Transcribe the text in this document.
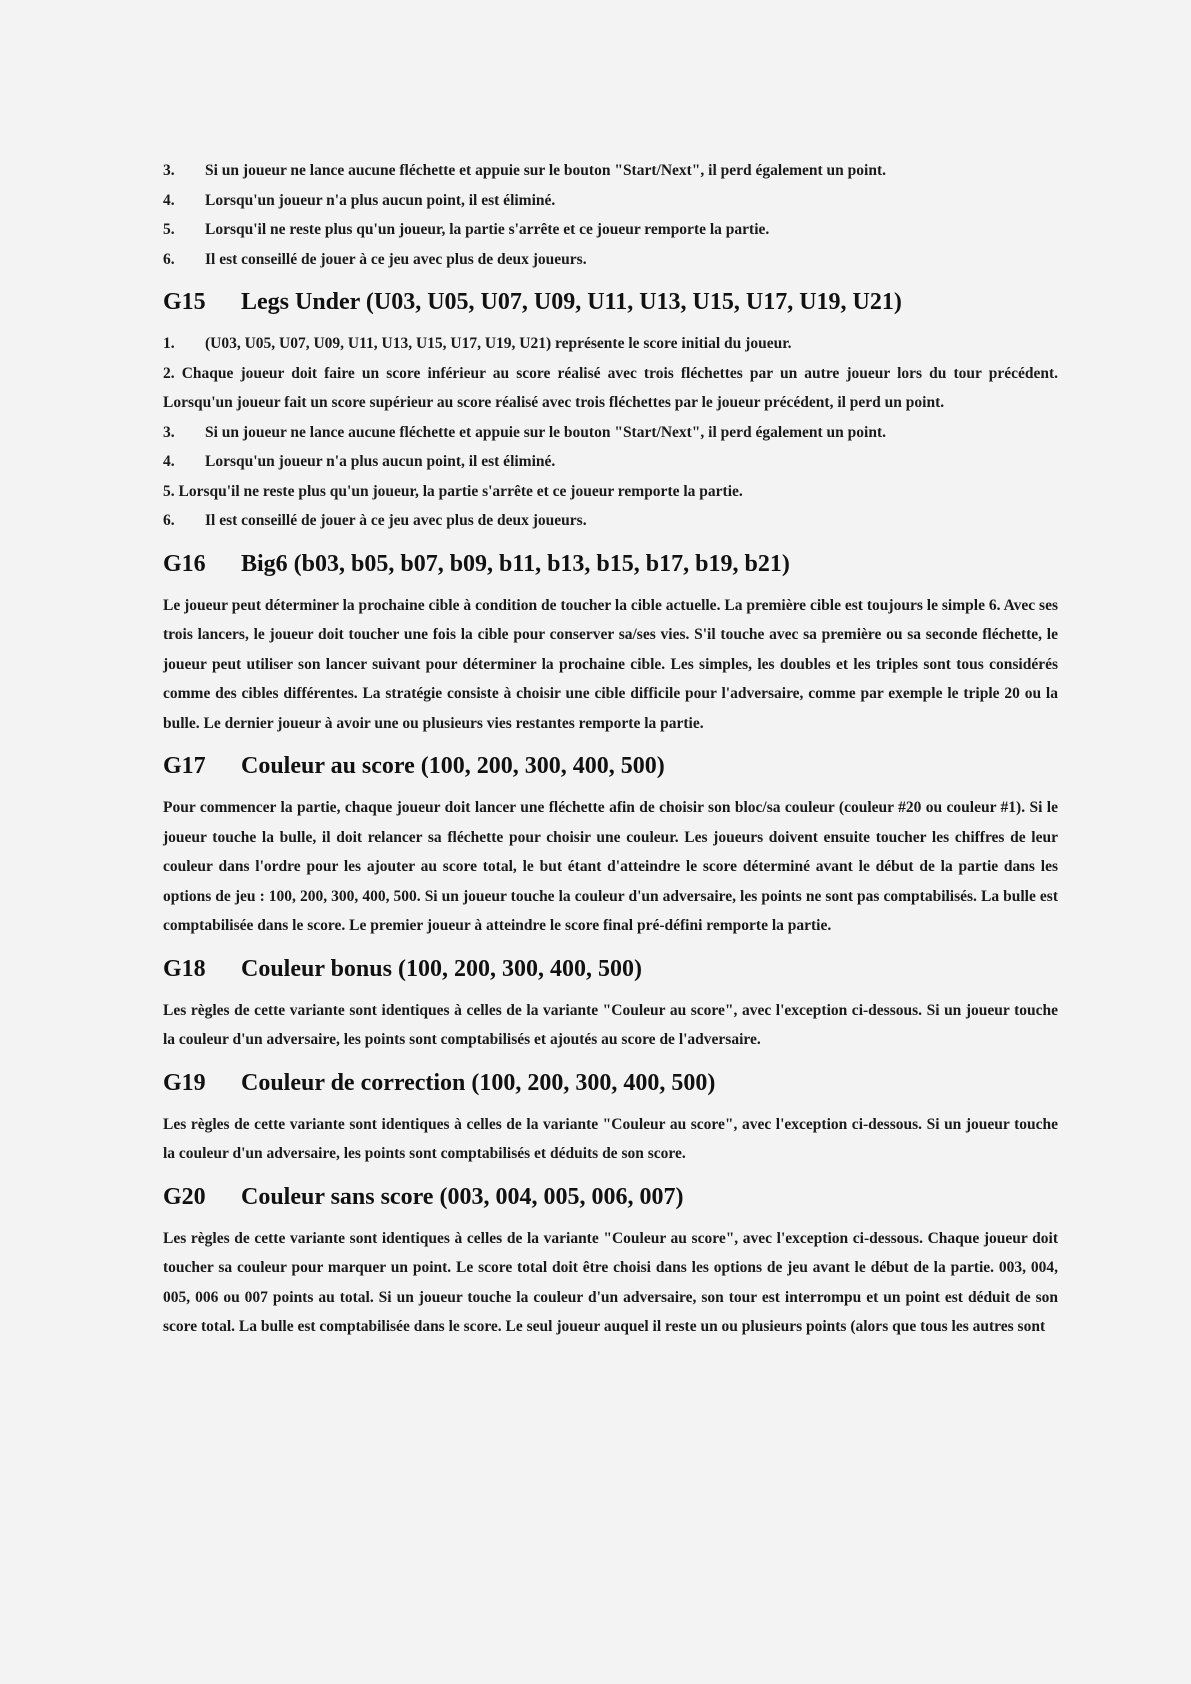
3.	Si un joueur ne lance aucune fléchette et appuie sur le bouton "Start/Next", il perd également un point.
4.	Lorsqu'un joueur n'a plus aucun point, il est éliminé.
5.	Lorsqu'il ne reste plus qu'un joueur, la partie s'arrête et ce joueur remporte la partie.
6.	Il est conseillé de jouer à ce jeu avec plus de deux joueurs.
G15	Legs Under (U03, U05, U07, U09, U11, U13, U15, U17, U19, U21)
1.	(U03, U05, U07, U09, U11, U13, U15, U17, U19, U21) représente le score initial du joueur.

2. Chaque joueur doit faire un score inférieur au score réalisé avec trois fléchettes par un autre joueur lors du tour précédent. Lorsqu'un joueur fait un score supérieur au score réalisé avec trois fléchettes par le joueur précédent, il perd un point.

3.	Si un joueur ne lance aucune fléchette et appuie sur le bouton "Start/Next", il perd également un point.
4.	Lorsqu'un joueur n'a plus aucun point, il est éliminé.

5. Lorsqu'il ne reste plus qu'un joueur, la partie s'arrête et ce joueur remporte la partie.

6.	Il est conseillé de jouer à ce jeu avec plus de deux joueurs.
G16	Big6 (b03, b05, b07, b09, b11, b13, b15, b17, b19, b21)

Le joueur peut déterminer la prochaine cible à condition de toucher la cible actuelle. La première cible est toujours le simple 6. Avec ses trois lancers, le joueur doit toucher une fois la cible pour conserver sa/ses vies. S'il touche avec sa première ou sa seconde fléchette, le joueur peut utiliser son lancer suivant pour déterminer la prochaine cible. Les simples, les doubles et les triples sont tous considérés comme des cibles différentes. La stratégie consiste à choisir une cible difficile pour l'adversaire, comme par exemple le triple 20 ou la bulle. Le dernier joueur à avoir une ou plusieurs vies restantes remporte la partie.

G17	Couleur au score (100, 200, 300, 400, 500)

Pour commencer la partie, chaque joueur doit lancer une fléchette afin de choisir son bloc/sa couleur (couleur #20 ou couleur #1). Si le joueur touche la bulle, il doit relancer sa fléchette pour choisir une couleur. Les joueurs doivent ensuite toucher les chiffres de leur couleur dans l'ordre pour les ajouter au score total, le but étant d'atteindre le score déterminé avant le début de la partie dans les options de jeu : 100, 200, 300, 400, 500. Si un joueur touche la couleur d'un adversaire, les points ne sont pas comptabilisés. La bulle est comptabilisée dans le score. Le premier joueur à atteindre le score final pré-défini remporte la partie.

G18	Couleur bonus (100, 200, 300, 400, 500)

Les règles de cette variante sont identiques à celles de la variante "Couleur au score", avec l'exception ci-dessous. Si un joueur touche la couleur d'un adversaire, les points sont comptabilisés et ajoutés au score de l'adversaire.

G19	Couleur de correction (100, 200, 300, 400, 500)

Les règles de cette variante sont identiques à celles de la variante "Couleur au score", avec l'exception ci-dessous. Si un joueur touche la couleur d'un adversaire, les points sont comptabilisés et déduits de son score.

G20	Couleur sans score (003, 004, 005, 006, 007)

Les règles de cette variante sont identiques à celles de la variante "Couleur au score", avec l'exception ci-dessous. Chaque joueur doit toucher sa couleur pour marquer un point. Le score total doit être choisi dans les options de jeu avant le début de la partie. 003, 004, 005, 006 ou 007 points au total. Si un joueur touche la couleur d'un adversaire, son tour est interrompu et un point est déduit de son score total. La bulle est comptabilisée dans le score. Le seul joueur auquel il reste un ou plusieurs points (alors que tous les autres sont
